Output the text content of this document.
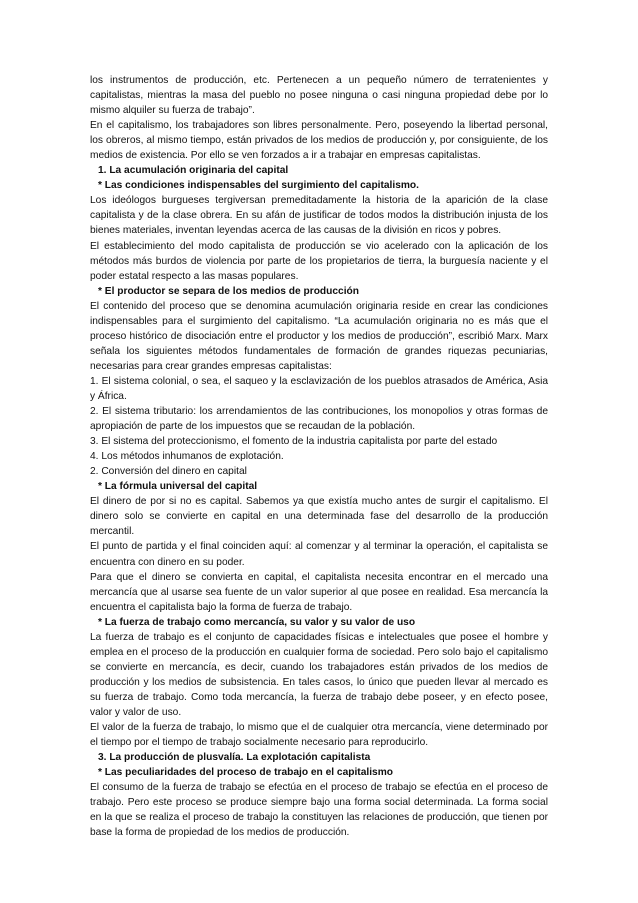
los instrumentos de producción, etc. Pertenecen a un pequeño número de terratenientes y capitalistas, mientras la masa del pueblo no posee ninguna o casi ninguna propiedad debe por lo mismo alquiler su fuerza de trabajo”.
En el capitalismo, los trabajadores son libres personalmente. Pero, poseyendo la libertad personal, los obreros, al mismo tiempo, están privados de los medios de producción y, por consiguiente, de los medios de existencia. Por ello se ven forzados a ir a trabajar en empresas capitalistas.
1. La acumulación originaria del capital
* Las condiciones indispensables del surgimiento del capitalismo.
Los ideólogos burgueses tergiversan premeditadamente la historia de la aparición de la clase capitalista y de la clase obrera. En su afán de justificar de todos modos la distribución injusta de los bienes materiales, inventan leyendas acerca de las causas de la división en ricos y pobres.
El establecimiento del modo capitalista de producción se vio acelerado con la aplicación de los métodos más burdos de violencia por parte de los propietarios de tierra, la burguesía naciente y el poder estatal respecto a las masas populares.
* El productor se separa de los medios de producción
El contenido del proceso que se denomina acumulación originaria reside en crear las condiciones indispensables para el surgimiento del capitalismo. “La acumulación originaria no es más que el proceso histórico de disociación entre el productor y los medios de producción”, escribió Marx. Marx señala los siguientes métodos fundamentales de formación de grandes riquezas pecuniarias, necesarias para crear grandes empresas capitalistas:
1. El sistema colonial, o sea, el saqueo y la esclavización de los pueblos atrasados de América, Asia y África.
2. El sistema tributario: los arrendamientos de las contribuciones, los monopolios y otras formas de apropiación de parte de los impuestos que se recaudan de la población.
3. El sistema del proteccionismo, el fomento de la industria capitalista por parte del estado
4. Los métodos inhumanos de explotación.
2. Conversión del dinero en capital
* La fórmula universal del capital
El dinero de por si no es capital. Sabemos ya que existía mucho antes de surgir el capitalismo. El dinero solo se convierte en capital en una determinada fase del desarrollo de la producción mercantil.
El punto de partida y el final coinciden aquí: al comenzar y al terminar la operación, el capitalista se encuentra con dinero en su poder.
Para que el dinero se convierta en capital, el capitalista necesita encontrar en el mercado una mercancía que al usarse sea fuente de un valor superior al que posee en realidad. Esa mercancía la encuentra el capitalista bajo la forma de fuerza de trabajo.
* La fuerza de trabajo como mercancía, su valor y su valor de uso
La fuerza de trabajo es el conjunto de capacidades físicas e intelectuales que posee el hombre y emplea en el proceso de la producción en cualquier forma de sociedad. Pero solo bajo el capitalismo se convierte en mercancía, es decir, cuando los trabajadores están privados de los medios de producción y los medios de subsistencia. En tales casos, lo único que pueden llevar al mercado es su fuerza de trabajo. Como toda mercancía, la fuerza de trabajo debe poseer, y en efecto posee, valor y valor de uso.
El valor de la fuerza de trabajo, lo mismo que el de cualquier otra mercancía, viene determinado por el tiempo por el tiempo de trabajo socialmente necesario para reproducirlo.
3. La producción de plusvalía. La explotación capitalista
* Las peculiaridades del proceso de trabajo en el capitalismo
El consumo de la fuerza de trabajo se efectúa en el proceso de trabajo se efectúa en el proceso de trabajo. Pero este proceso se produce siempre bajo una forma social determinada. La forma social en la que se realiza el proceso de trabajo la constituyen las relaciones de producción, que tienen por base la forma de propiedad de los medios de producción.
